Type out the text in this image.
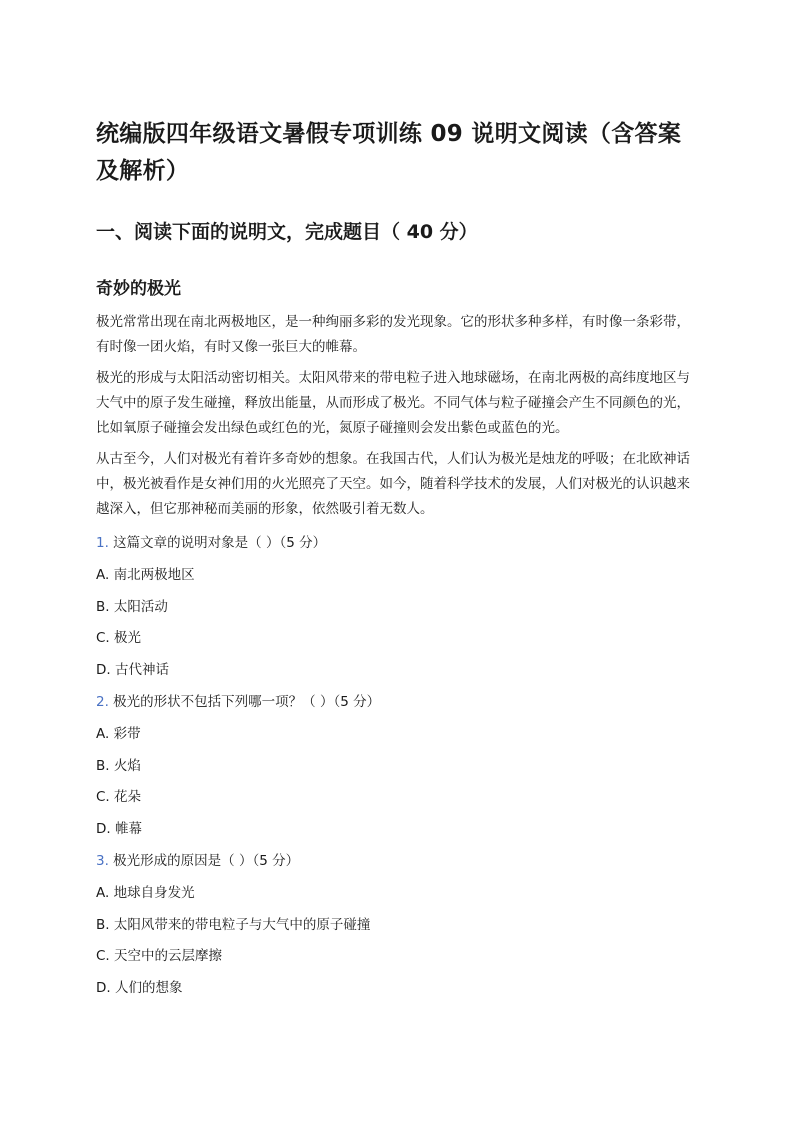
统编版四年级语文暑假专项训练 09 说明文阅读（含答案及解析）
一、阅读下面的说明文，完成题目（ 40 分）
奇妙的极光

极光常常出现在南北两极地区，是一种绚丽多彩的发光现象。它的形状多种多样，有时像一条彩带，有时像一团火焰，有时又像一张巨大的帷幕。

极光的形成与太阳活动密切相关。太阳风带来的带电粒子进入地球磁场，在南北两极的高纬度地区与大气中的原子发生碰撞，释放出能量，从而形成了极光。不同气体与粒子碰撞会产生不同颜色的光，比如氧原子碰撞会发出绿色或红色的光，氮原子碰撞则会发出紫色或蓝色的光。

从古至今，人们对极光有着许多奇妙的想象。在我国古代，人们认为极光是烛龙的呼吸；在北欧神话中，极光被看作是女神们用的火光照亮了天空。如今，随着科学技术的发展，人们对极光的认识越来越深入，但它那神秘而美丽的形象，依然吸引着无数人。

1. 这篇文章的说明对象是（ ）（5 分）

A. 南北两极地区

B. 太阳活动

C. 极光

D. 古代神话

2. 极光的形状不包括下列哪一项？（ ）（5 分）

A. 彩带

B. 火焰

C. 花朵

D. 帷幕

3. 极光形成的原因是（ ）（5 分）

A. 地球自身发光

B. 太阳风带来的带电粒子与大气中的原子碰撞

C. 天空中的云层摩擦

D. 人们的想象
